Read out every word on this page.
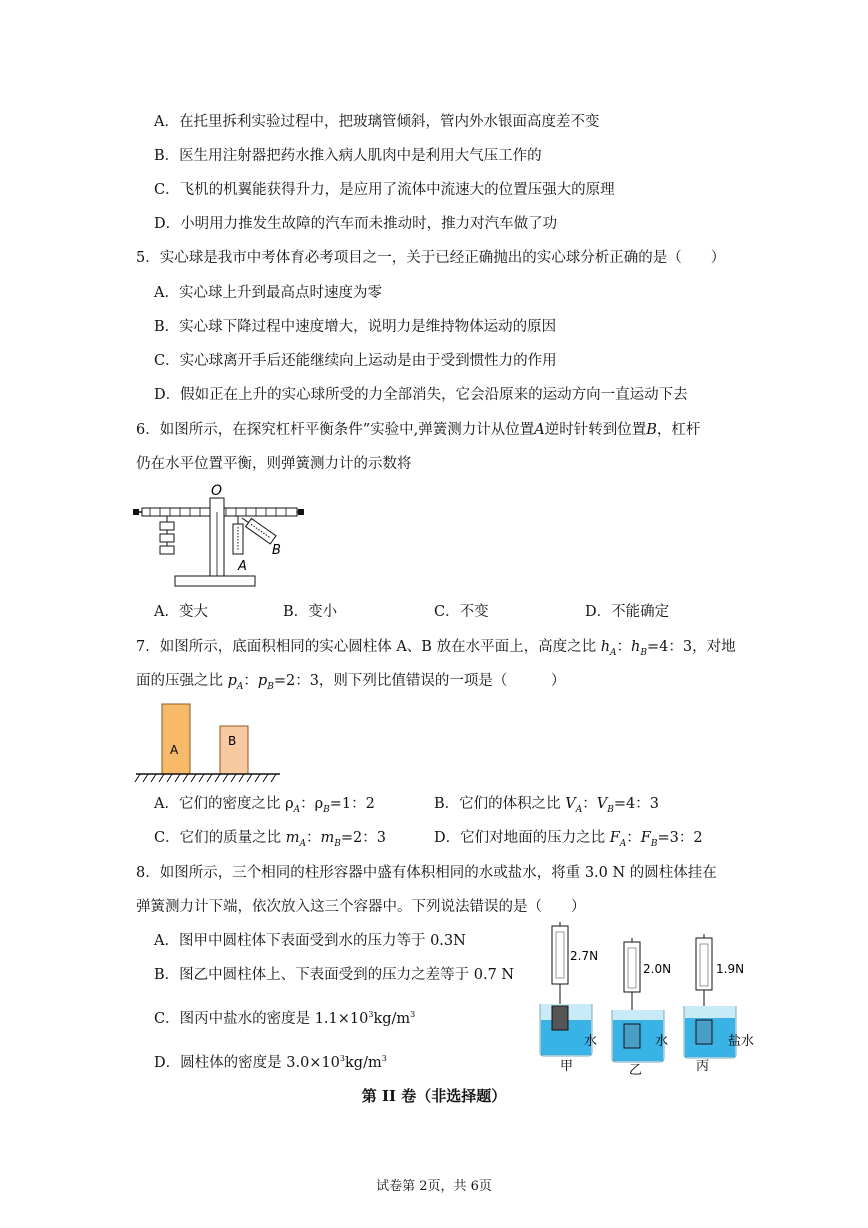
A．在托里拆利实验过程中，把玻璃管倾斜，管内外水银面高度差不变
B．医生用注射器把药水推入病人肌肉中是利用大气压工作的
C．飞机的机翼能获得升力，是应用了流体中流速大的位置压强大的原理
D．小明用力推发生故障的汽车而未推动时，推力对汽车做了功
5．实心球是我市中考体育必考项目之一，关于已经正确抛出的实心球分析正确的是（　　）
A．实心球上升到最高点时速度为零
B．实心球下降过程中速度增大，说明力是维持物体运动的原因
C．实心球离开手后还能继续向上运动是由于受到惯性力的作用
D．假如正在上升的实心球所受的力全部消失，它会沿原来的运动方向一直运动下去
6．如图所示，在探究杠杆平衡条件”实验中,弹簧测力计从位置A逆时针转到位置B，杠杆
仍在水平位置平衡，则弹簧测力计的示数将
O
A
B
A．变大	B．变小	C．不变	D．不能确定
7．如图所示，底面积相同的实心圆柱体 A、B 放在水平面上，高度之比 $h_A$：$h_B=4$：3，对地
面的压强之比 $p_A$：$p_B=2$：3，则下列比值错误的一项是（　　　）
A
B
A．它们的密度之比 $\rho_A$：$\rho_B=1$：2	B．它们的体积之比 $V_A$：$V_B=4$：3
C．它们的质量之比 $m_A$：$m_B=2$：3	D．它们对地面的压力之比 $F_A$：$F_B=3$：2
8．如图所示，三个相同的柱形容器中盛有体积相同的水或盐水，将重 3.0 N 的圆柱体挂在
弹簧测力计下端，依次放入这三个容器中。下列说法错误的是（　　）
A．图甲中圆柱体下表面受到水的压力等于 0.3N
B．图乙中圆柱体上、下表面受到的压力之差等于 0.7 N
C．图丙中盐水的密度是 $1.1\times 10^3kg/m^3$
D．圆柱体的密度是 $3.0\times 10^3kg/m^3$
2.7N
2.0N	1.9N
水	水	盐水
甲	乙	丙
第 II 卷（非选择题）
试卷第 2页，共 6页
